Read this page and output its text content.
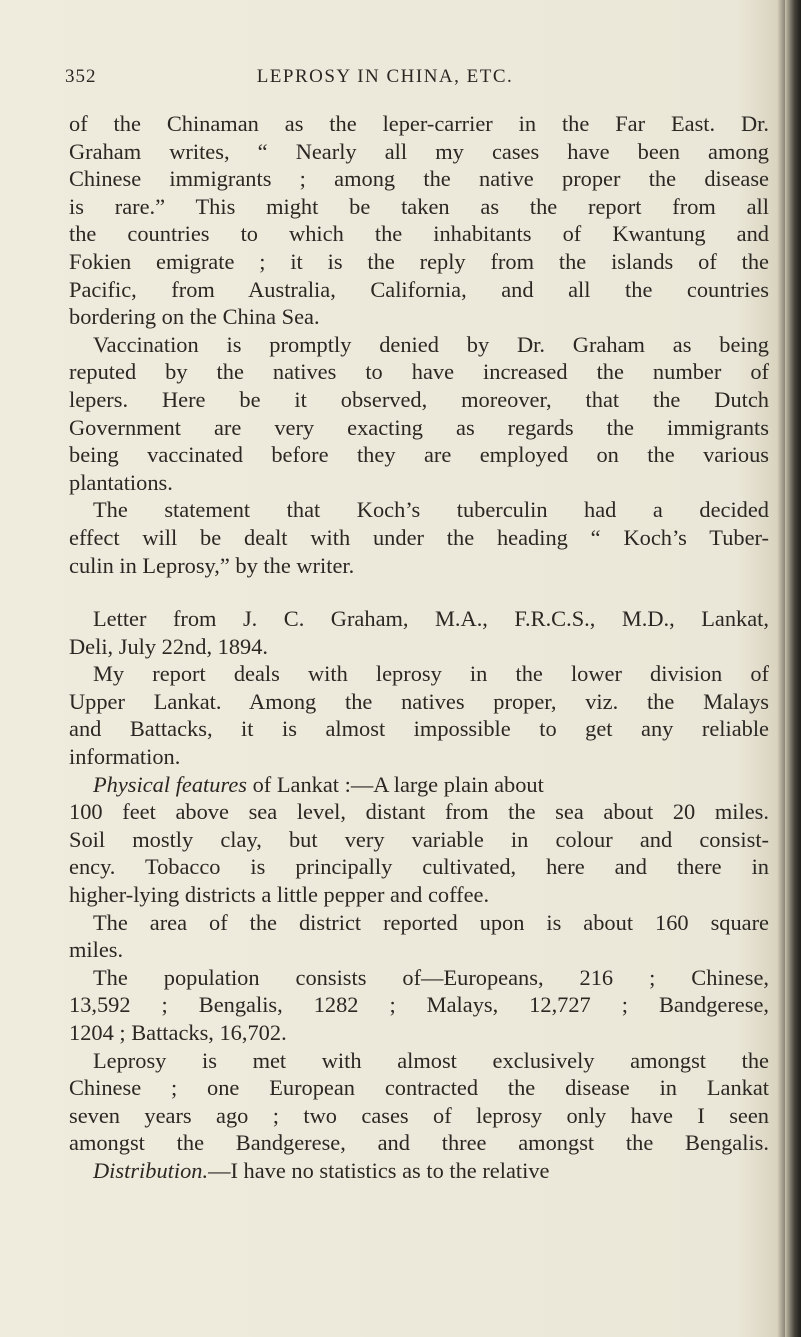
352	LEPROSY IN CHINA, ETC.
of the Chinaman as the leper-carrier in the Far East. Dr.
Graham writes, “ Nearly all my cases have been among
Chinese immigrants ; among the native proper the disease
is rare.” This might be taken as the report from all
the countries to which the inhabitants of Kwantung and
Fokien emigrate ; it is the reply from the islands of the
Pacific, from Australia, California, and all the countries
bordering on the China Sea.
Vaccination is promptly denied by Dr. Graham as being
reputed by the natives to have increased the number of
lepers. Here be it observed, moreover, that the Dutch
Government are very exacting as regards the immigrants
being vaccinated before they are employed on the various
plantations.
The statement that Koch’s tuberculin had a decided
effect will be dealt with under the heading “ Koch’s Tuber-
culin in Leprosy,” by the writer.
Letter from J. C. Graham, M.A., F.R.C.S., M.D., Lankat,
Deli, July 22nd, 1894.
My report deals with leprosy in the lower division of
Upper Lankat. Among the natives proper, viz. the Malays
and Battacks, it is almost impossible to get any reliable
information.
Physical features of Lankat :—A large plain about
100 feet above sea level, distant from the sea about 20 miles.
Soil mostly clay, but very variable in colour and consist-
ency. Tobacco is principally cultivated, here and there in
higher-lying districts a little pepper and coffee.
The area of the district reported upon is about 160 square
miles.
The population consists of—Europeans, 216 ; Chinese,
13,592 ; Bengalis, 1282 ; Malays, 12,727 ; Bandgerese,
1204 ; Battacks, 16,702.
Leprosy is met with almost exclusively amongst the
Chinese ; one European contracted the disease in Lankat
seven years ago ; two cases of leprosy only have I seen
amongst the Bandgerese, and three amongst the Bengalis.
Distribution.—I have no statistics as to the relative
